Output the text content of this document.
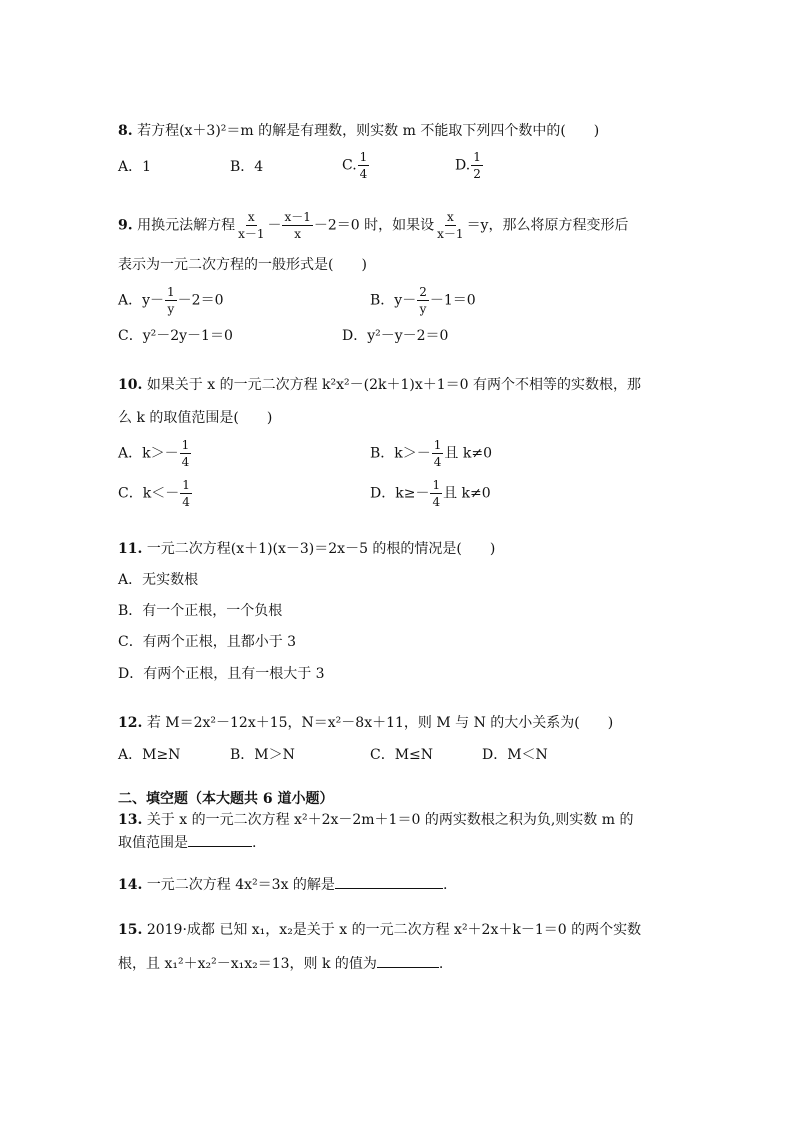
8. 若方程(x＋3)²＝m 的解是有理数，则实数 m 不能取下列四个数中的(　　)
A．1	B．4	C. $\frac{1}{4}$	D. $\frac{1}{2}$
9. 用换元法解方程 $\frac{x}{x-1} - \frac{x-1}{x} -2=0$ 时，如果设 $\frac{x}{x-1} =y$，那么将原方程变形后
表示为一元二次方程的一般形式是(　　)
A．$y- \frac{1}{y} -2=0$	B．$y- \frac{2}{y} -1=0$
C．y²－2y－1＝0	D．y²－y－2＝0
10. 如果关于 x 的一元二次方程 k²x²－(2k＋1)x＋1＝0 有两个不相等的实数根，那
么 k 的取值范围是(　　)
A．$k>- \frac{1}{4}$	B．$k>- \frac{1}{4}$ 且 k≠0
C．$k<- \frac{1}{4}$	D．$k\ge- \frac{1}{4}$ 且 k≠0
11. 一元二次方程(x＋1)(x－3)＝2x－5 的根的情况是(　　)
A．无实数根
B．有一个正根，一个负根
C．有两个正根，且都小于 3
D．有两个正根，且有一根大于 3
12. 若 M＝2x²－12x＋15，N＝x²－8x＋11，则 M 与 N 的大小关系为(　　)
A．M≥N	B．M＞N	C．M≤N	D．M＜N
二、填空题（本大题共 6 道小题）
13. 关于 x 的一元二次方程 x²＋2x－2m＋1＝0 的两实数根之积为负,则实数 m 的
取值范围是	.
14. 一元二次方程 4x²＝3x 的解是	.
15. 2019·成都 已知 x₁，x₂是关于 x 的一元二次方程 x²＋2x＋k－1＝0 的两个实数
根，且 x₁²＋x₂²－x₁x₂＝13，则 k 的值为	.
